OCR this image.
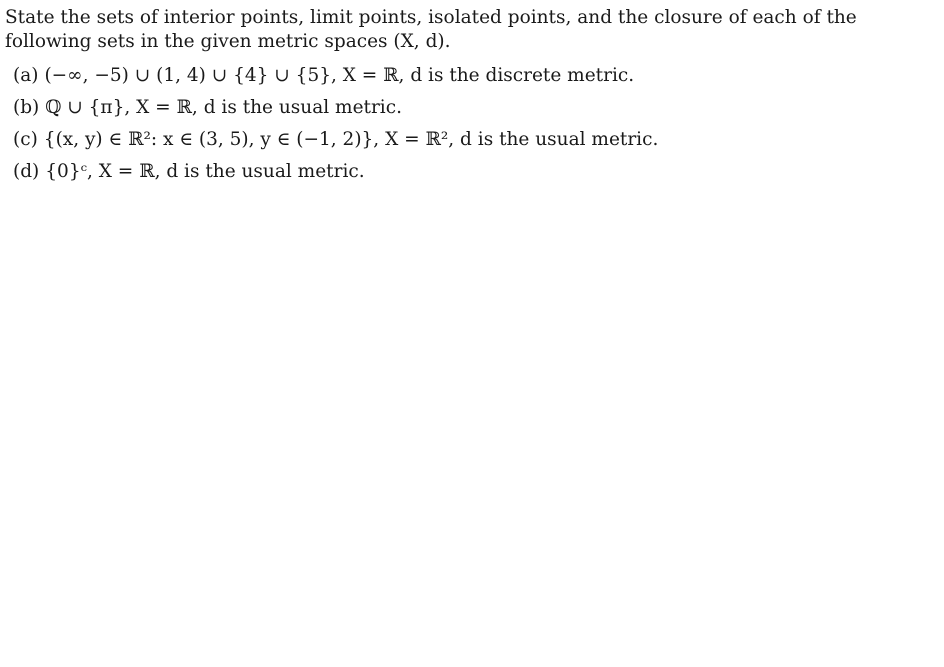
State the sets of interior points, limit points, isolated points, and the closure of each of the
following sets in the given metric spaces (X, d).

(a) (−∞, −5) ∪ (1, 4) ∪ {4} ∪ {5}, X = ℝ, d is the discrete metric.
(b) ℚ ∪ {π}, X = ℝ, d is the usual metric.
(c) {(x, y) ∈ ℝ²: x ∈ (3, 5), y ∈ (−1, 2)}, X = ℝ², d is the usual metric.
(d) {0}ᶜ, X = ℝ, d is the usual metric.
